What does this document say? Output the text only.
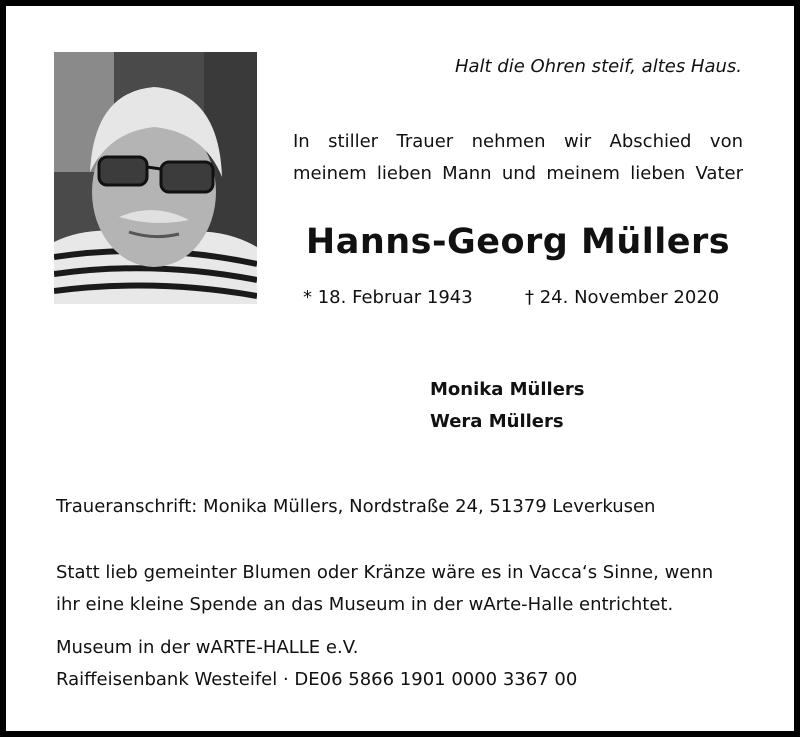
Halt die Ohren steif, altes Haus.
In stiller Trauer nehmen wir Abschied von
meinem lieben Mann und meinem lieben Vater
Hanns-Georg Müllers
* 18. Februar 1943	† 24. November 2020
Monika Müllers
Wera Müllers
Traueranschrift: Monika Müllers, Nordstraße 24, 51379 Leverkusen
Statt lieb gemeinter Blumen oder Kränze wäre es in Vacca‘s Sinne, wenn
ihr eine kleine Spende an das Museum in der wArte-Halle entrichtet.
Museum in der wARTE-HALLE e.V.
Raiffeisenbank Westeifel · DE06 5866 1901 0000 3367 00
